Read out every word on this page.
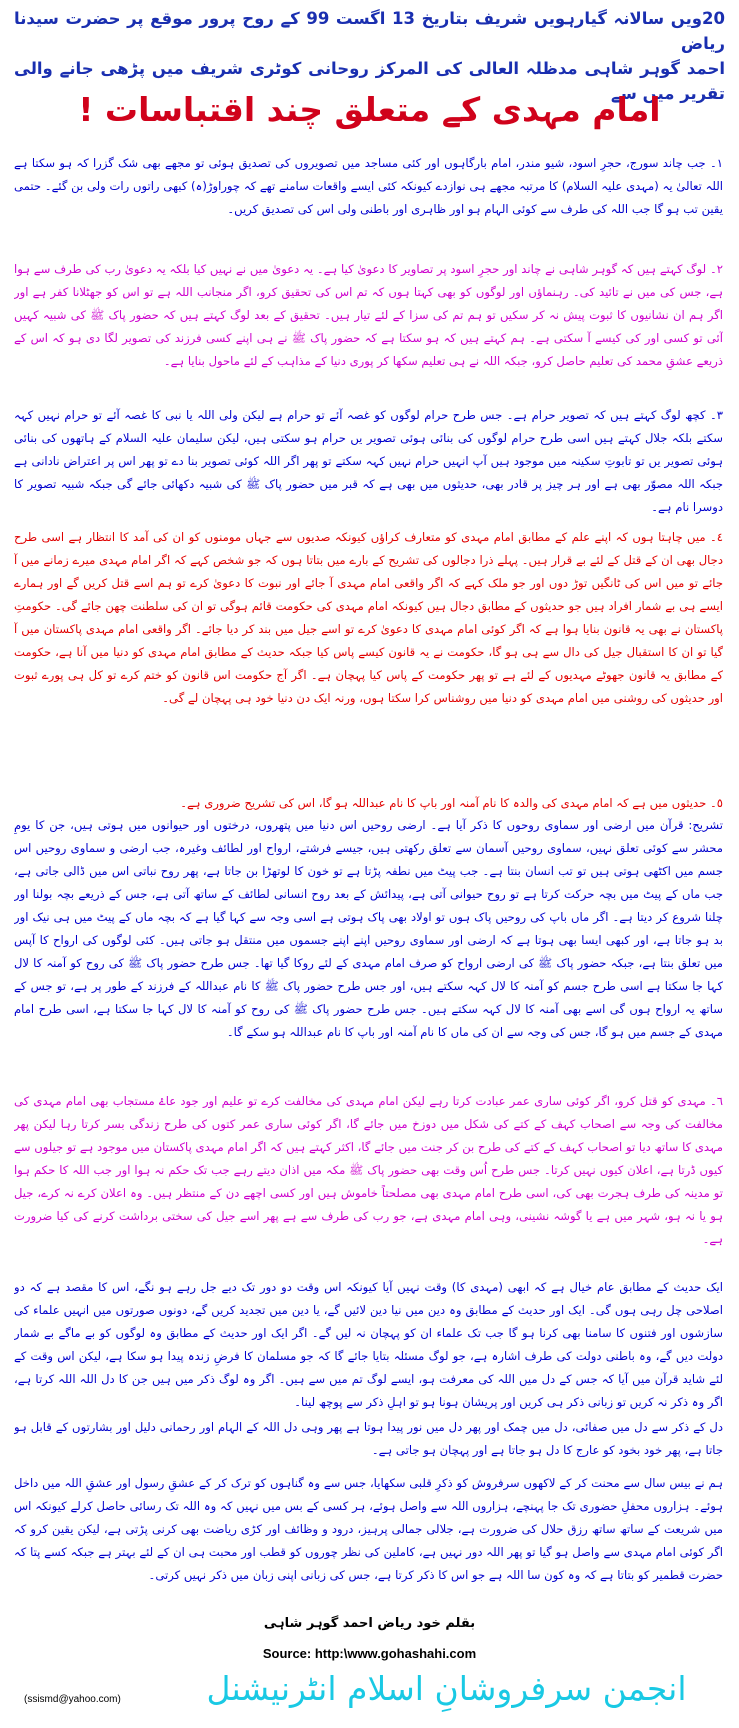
20ویں سالانہ گیارہویں شریف بتاریخ 13 اگست 99 کے روح پرور موقع پر حضرت سیدنا ریاض
احمد گوہر شاہی مدظلہ العالی کی المرکز روحانی کوٹری شریف میں پڑھی جانے والی تقریر میں سے
امام مہدی کے متعلق چند اقتباسات !
١۔ جب چاند سورج، حجرِ اسود، شیو مندر، امام بارگاہوں اور کئی مساجد میں تصویروں کی تصدیق ہوئی تو مجھے بھی شک گزرا کہ ہو سکتا ہے اللہ تعالیٰ یہ (مہدی علیہ السلام) کا مرتبہ مجھے ہی نوازدے کیونکہ کئی ایسے واقعات سامنے تھے کہ چوراوڑ(ہ) کبھی راتوں رات ولی بن گئے۔ حتمی یقین تب ہو گا جب اللہ کی طرف سے کوئی الہام ہو اور ظاہری اور باطنی ولی اس کی تصدیق کریں۔
٢۔ لوگ کہتے ہیں کہ گوہر شاہی نے چاند اور حجرِ اسود پر تصاویر کا دعویٰ کیا ہے۔ یہ دعویٰ میں نے نہیں کیا بلکہ یہ دعویٰ رب کی طرف سے ہوا ہے، جس کی میں نے تائید کی۔ رہنماؤں اور لوگوں کو بھی کہتا ہوں کہ تم اس کی تحقیق کرو، اگر منجانب اللہ ہے تو اس کو جھٹلانا کفر ہے اور اگر ہم ان نشانیوں کا ثبوت پیش نہ کر سکیں تو ہم تم کی سزا کے لئے تیار ہیں۔ تحقیق کے بعد لوگ کہتے ہیں کہ حضور پاک ﷺ کی شبیہ کہیں آئی تو کسی اور کی کیسے آ سکتی ہے۔ ہم کہتے ہیں کہ ہو سکتا ہے کہ حضور پاک ﷺ نے ہی اپنے کسی فرزند کی تصویر لگا دی ہو کہ اس کے ذریعے عشقِ محمد کی تعلیم حاصل کرو، جبکہ اللہ نے ہی تعلیم سکھا کر پوری دنیا کے مذاہب کے لئے ماحول بنایا ہے۔
٣۔ کچھ لوگ کہتے ہیں کہ تصویر حرام ہے۔ جس طرح حرام لوگوں کو غصہ آئے تو حرام ہے لیکن ولی اللہ یا نبی کا غصہ آئے تو حرام نہیں کہہ سکتے بلکہ جلال کہتے ہیں اسی طرح حرام لوگوں کی بنائی ہوئی تصویر یں حرام ہو سکتی ہیں، لیکن سلیمان علیہ السلام کے ہاتھوں کی بنائی ہوئی تصویر یں تو تابوتِ سکینہ میں موجود ہیں آپ انہیں حرام نہیں کہہ سکتے تو پھر اگر اللہ کوئی تصویر بنا دے تو پھر اس پر اعتراض نادانی ہے جبکہ اللہ مصوّر بھی ہے اور ہر چیز پر قادر بھی، حدیثوں میں بھی ہے کہ قبر میں حضور پاک ﷺ کی شبیہ دکھائی جائے گی جبکہ شبیہ تصویر کا دوسرا نام ہے۔
٤۔ میں چاہتا ہوں کہ اپنے علم کے مطابق امام مہدی کو متعارف کراؤں کیونکہ صدیوں سے جہاں مومنوں کو ان کی آمد کا انتظار ہے اسی طرح دجال بھی ان کے قتل کے لئے بے قرار ہیں۔ پہلے ذرا دجالوں کی تشریح کے بارے میں بتاتا ہوں کہ جو شخص کہے کہ اگر امام مہدی میرے زمانے میں آ جائے تو میں اس کی ٹانگیں توڑ دوں اور جو ملک کہے کہ اگر واقعی امام مہدی آ جائے اور نبوت کا دعویٰ کرے تو ہم اسے قتل کریں گے اور ہمارے ایسے ہی بے شمار افراد ہیں جو حدیثوں کے مطابق دجال ہیں کیونکہ امام مہدی کی حکومت قائم ہوگی تو ان کی سلطنت چھن جائے گی۔ حکومتِ پاکستان نے بھی یہ قانون بنایا ہوا ہے کہ اگر کوئی امام مہدی کا دعویٰ کرے تو اسے جیل میں بند کر دیا جائے۔ اگر واقعی امام مہدی پاکستان میں آ گیا تو ان کا استقبال جیل کی دال سے ہی ہو گا، حکومت نے یہ قانون کیسے پاس کیا جبکہ حدیث کے مطابق امام مہدی کو دنیا میں آنا ہے، حکومت کے مطابق یہ قانون جھوٹے مہدیوں کے لئے ہے تو پھر حکومت کے پاس کیا پہچان ہے۔ اگر آج حکومت اس قانون کو ختم کرے تو کل ہی پورے ثبوت اور حدیثوں کی روشنی میں امام مہدی کو دنیا میں روشناس کرا سکتا ہوں، ورنہ ایک دن دنیا خود ہی پہچان لے گی۔
٥۔ حدیثوں میں ہے کہ امام مہدی کی والدہ کا نام آمنہ اور باپ کا نام عبداللہ ہو گا، اس کی تشریح ضروری ہے۔
تشریح: قرآن میں ارضی اور سماوی روحوں کا ذکر آیا ہے۔ ارضی روحیں اس دنیا میں پتھروں، درختوں اور حیوانوں میں ہوتی ہیں، جن کا یومِ محشر سے کوئی تعلق نہیں، سماوی روحیں آسمان سے تعلق رکھتی ہیں، جیسے فرشتے، ارواح اور لطائف وغیرہ، جب ارضی و سماوی روحیں اس جسم میں اکٹھی ہوتی ہیں تو تب انسان بنتا ہے۔ جب پیٹ میں نطفہ پڑتا ہے تو خون کا لوتھڑا بن جاتا ہے، پھر روح نباتی اس میں ڈالی جاتی ہے، جب ماں کے پیٹ میں بچہ حرکت کرتا ہے تو روح حیوانی آتی ہے، پیدائش کے بعد روح انسانی لطائف کے ساتھ آتی ہے، جس کے ذریعے بچہ بولنا اور چلنا شروع کر دیتا ہے۔ اگر ماں باپ کی روحیں پاک ہوں تو اولاد بھی پاک ہوتی ہے اسی وجہ سے کہا گیا ہے کہ بچہ ماں کے پیٹ میں ہی نیک اور بد ہو جاتا ہے، اور کبھی ایسا بھی ہوتا ہے کہ ارضی اور سماوی روحیں اپنے اپنے جسموں میں منتقل ہو جاتی ہیں۔ کئی لوگوں کی ارواح کا آپس میں تعلق بنتا ہے، جبکہ حضور پاک ﷺ کی ارضی ارواح کو صرف امام مہدی کے لئے روکا گیا تھا۔ جس طرح حضور پاک ﷺ کی روح کو آمنہ کا لال کہا جا سکتا ہے اسی طرح جسم کو آمنہ کا لال کہہ سکتے ہیں، اور جس طرح حضور پاک ﷺ کا نام عبداللہ کے فرزند کے طور پر ہے، تو جس کے ساتھ یہ ارواح ہوں گی اسے بھی آمنہ کا لال کہہ سکتے ہیں۔ جس طرح حضور پاک ﷺ کی روح کو آمنہ کا لال کہا جا سکتا ہے، اسی طرح امام مہدی کے جسم میں ہو گا، جس کی وجہ سے ان کی ماں کا نام آمنہ اور باپ کا نام عبداللہ ہو سکے گا۔
٦۔ مہدی کو قتل کرو، اگر کوئی ساری عمر عبادت کرتا رہے لیکن امام مہدی کی مخالفت کرے تو علیم اور جود عاۓ مستجاب بھی امام مہدی کی مخالفت کی وجہ سے اصحاب کہف کے کتے کی شکل میں دوزخ میں جائے گا، اگر کوئی ساری عمر کتوں کی طرح زندگی بسر کرتا رہا لیکن پھر مہدی کا ساتھ دیا تو اصحاب کہف کے کتے کی طرح بن کر جنت میں جائے گا، اکثر کہتے ہیں کہ اگر امام مہدی پاکستان میں موجود ہے تو جیلوں سے کیوں ڈرتا ہے، اعلان کیوں نہیں کرتا۔ جس طرح اُس وقت بھی حضور پاک ﷺ مکہ میں اذان دیتے رہے جب تک حکم نہ ہوا اور جب اللہ کا حکم ہوا تو مدینہ کی طرف ہجرت بھی کی، اسی طرح امام مہدی بھی مصلحتاً خاموش ہیں اور کسی اچھے دن کے منتظر ہیں۔ وہ اعلان کرے نہ کرے، جیل ہو یا نہ ہو، شہر میں ہے یا گوشہ نشینی، وہی امام مہدی ہے، جو رب کی طرف سے ہے پھر اسے جیل کی سختی برداشت کرنے کی کیا ضرورت ہے۔
ایک حدیث کے مطابق عام خیال ہے کہ ابھی (مہدی کا) وقت نہیں آیا کیونکہ اس وقت دو دور تک دیے جل رہے ہو نگے، اس کا مقصد ہے کہ دو اصلاحی چل رہی ہوں گی۔ ایک اور حدیث کے مطابق وہ دین میں نیا دین لائیں گے، یا دین میں تجدید کریں گے، دونوں صورتوں میں انہیں علماء کی سازشوں اور فتنوں کا سامنا بھی کرنا ہو گا جب تک علماء ان کو پہچان نہ لیں گے۔ اگر ایک اور حدیث کے مطابق وہ لوگوں کو بے ماگے بے شمار دولت دیں گے، وہ باطنی دولت کی طرف اشارہ ہے، جو لوگ مسئلہ بتایا جائے گا کہ جو مسلمان کا فرضِ زندہ پیدا ہو سکا ہے، لیکن اس وقت کے لئے شاید قرآن میں آیا کہ جس کے دل میں اللہ کی معرفت ہو، ایسے لوگ تم میں سے ہیں۔ اگر وہ لوگ ذکر میں ہیں جن کا دل اللہ اللہ کرتا ہے، اگر وہ ذکر نہ کریں تو زبانی ذکر ہی کریں اور پریشان ہونا ہو تو اہلِ ذکر سے پوچھ لینا۔
دل کے ذکر سے دل میں صفائی، دل میں چمک اور پھر دل میں نور پیدا ہوتا ہے پھر وہی دل اللہ کے الہام اور رحمانی دلیل اور بشارتوں کے قابل ہو جاتا ہے، پھر خود بخود کو عارج کا دل ہو جاتا ہے اور پہچان ہو جاتی ہے۔
ہم نے بیس سال سے محنت کر کے لاکھوں سرفروش کو ذکرِ قلبی سکھایا، جس سے وہ گناہوں کو ترک کر کے عشقِ رسول اور عشقِ اللہ میں داخل ہوئے۔ ہزاروں محفلِ حضوری تک جا پہنچے، ہزاروں اللہ سے واصل ہوئے، ہر کسی کے بس میں نہیں کہ وہ اللہ تک رسائی حاصل کرلے کیونکہ اس میں شریعت کے ساتھ ساتھ رزق حلال کی ضرورت ہے، جلالی جمالی پرہیز، درود و وظائف اور کڑی ریاضت بھی کرنی پڑتی ہے، لیکن یقین کرو کہ اگر کوئی امام مہدی سے واصل ہو گیا تو پھر اللہ دور نہیں ہے، کاملین کی نظر چوروں کو قطب اور محبت ہی ان کے لئے بہتر ہے جبکہ کسے پتا کہ حضرت قطمیر کو بتاتا ہے کہ وہ کون سا اللہ ہے جو اس کا ذکر کرتا ہے، جس کی زبانی اپنی زبان میں ذکر نہیں کرتی۔
بقلم خود ریاض احمد گوہر شاہی
Source: http:\www.gohashahi.com
(ssismd@yahoo.com)	انجمن سرفروشانِ اسلام انٹرنیشنل
